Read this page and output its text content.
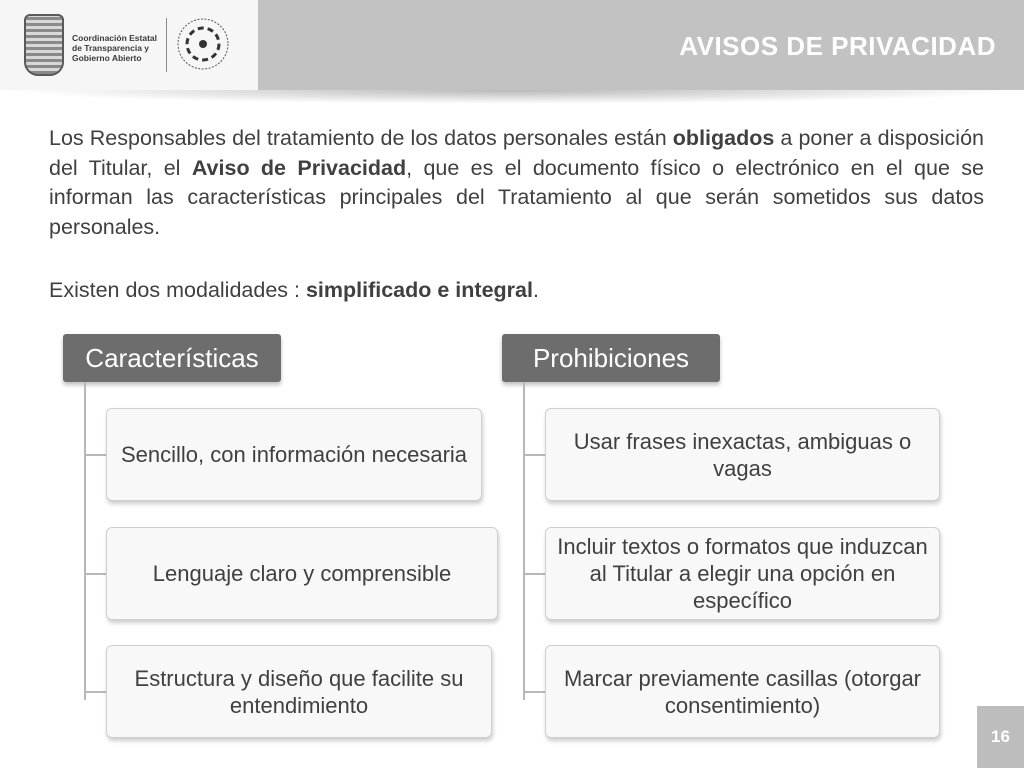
Coordinación Estatal
de Transparencia y
Gobierno Abierto	AVISOS DE PRIVACIDAD

Los Responsables del tratamiento de los datos personales están obligados a poner a disposición del Titular, el Aviso de Privacidad, que es el documento físico o electrónico en el que se informan las características principales del Tratamiento al que serán sometidos sus datos personales.

Existen dos modalidades : simplificado e integral.

Características
Sencillo, con información necesaria
Lenguaje claro y comprensible
Estructura y diseño que facilite su entendimiento
Prohibiciones
Usar frases inexactas, ambiguas o vagas
Incluir textos o formatos que induzcan al Titular a elegir una opción en específico
Marcar previamente casillas (otorgar consentimiento)
16
